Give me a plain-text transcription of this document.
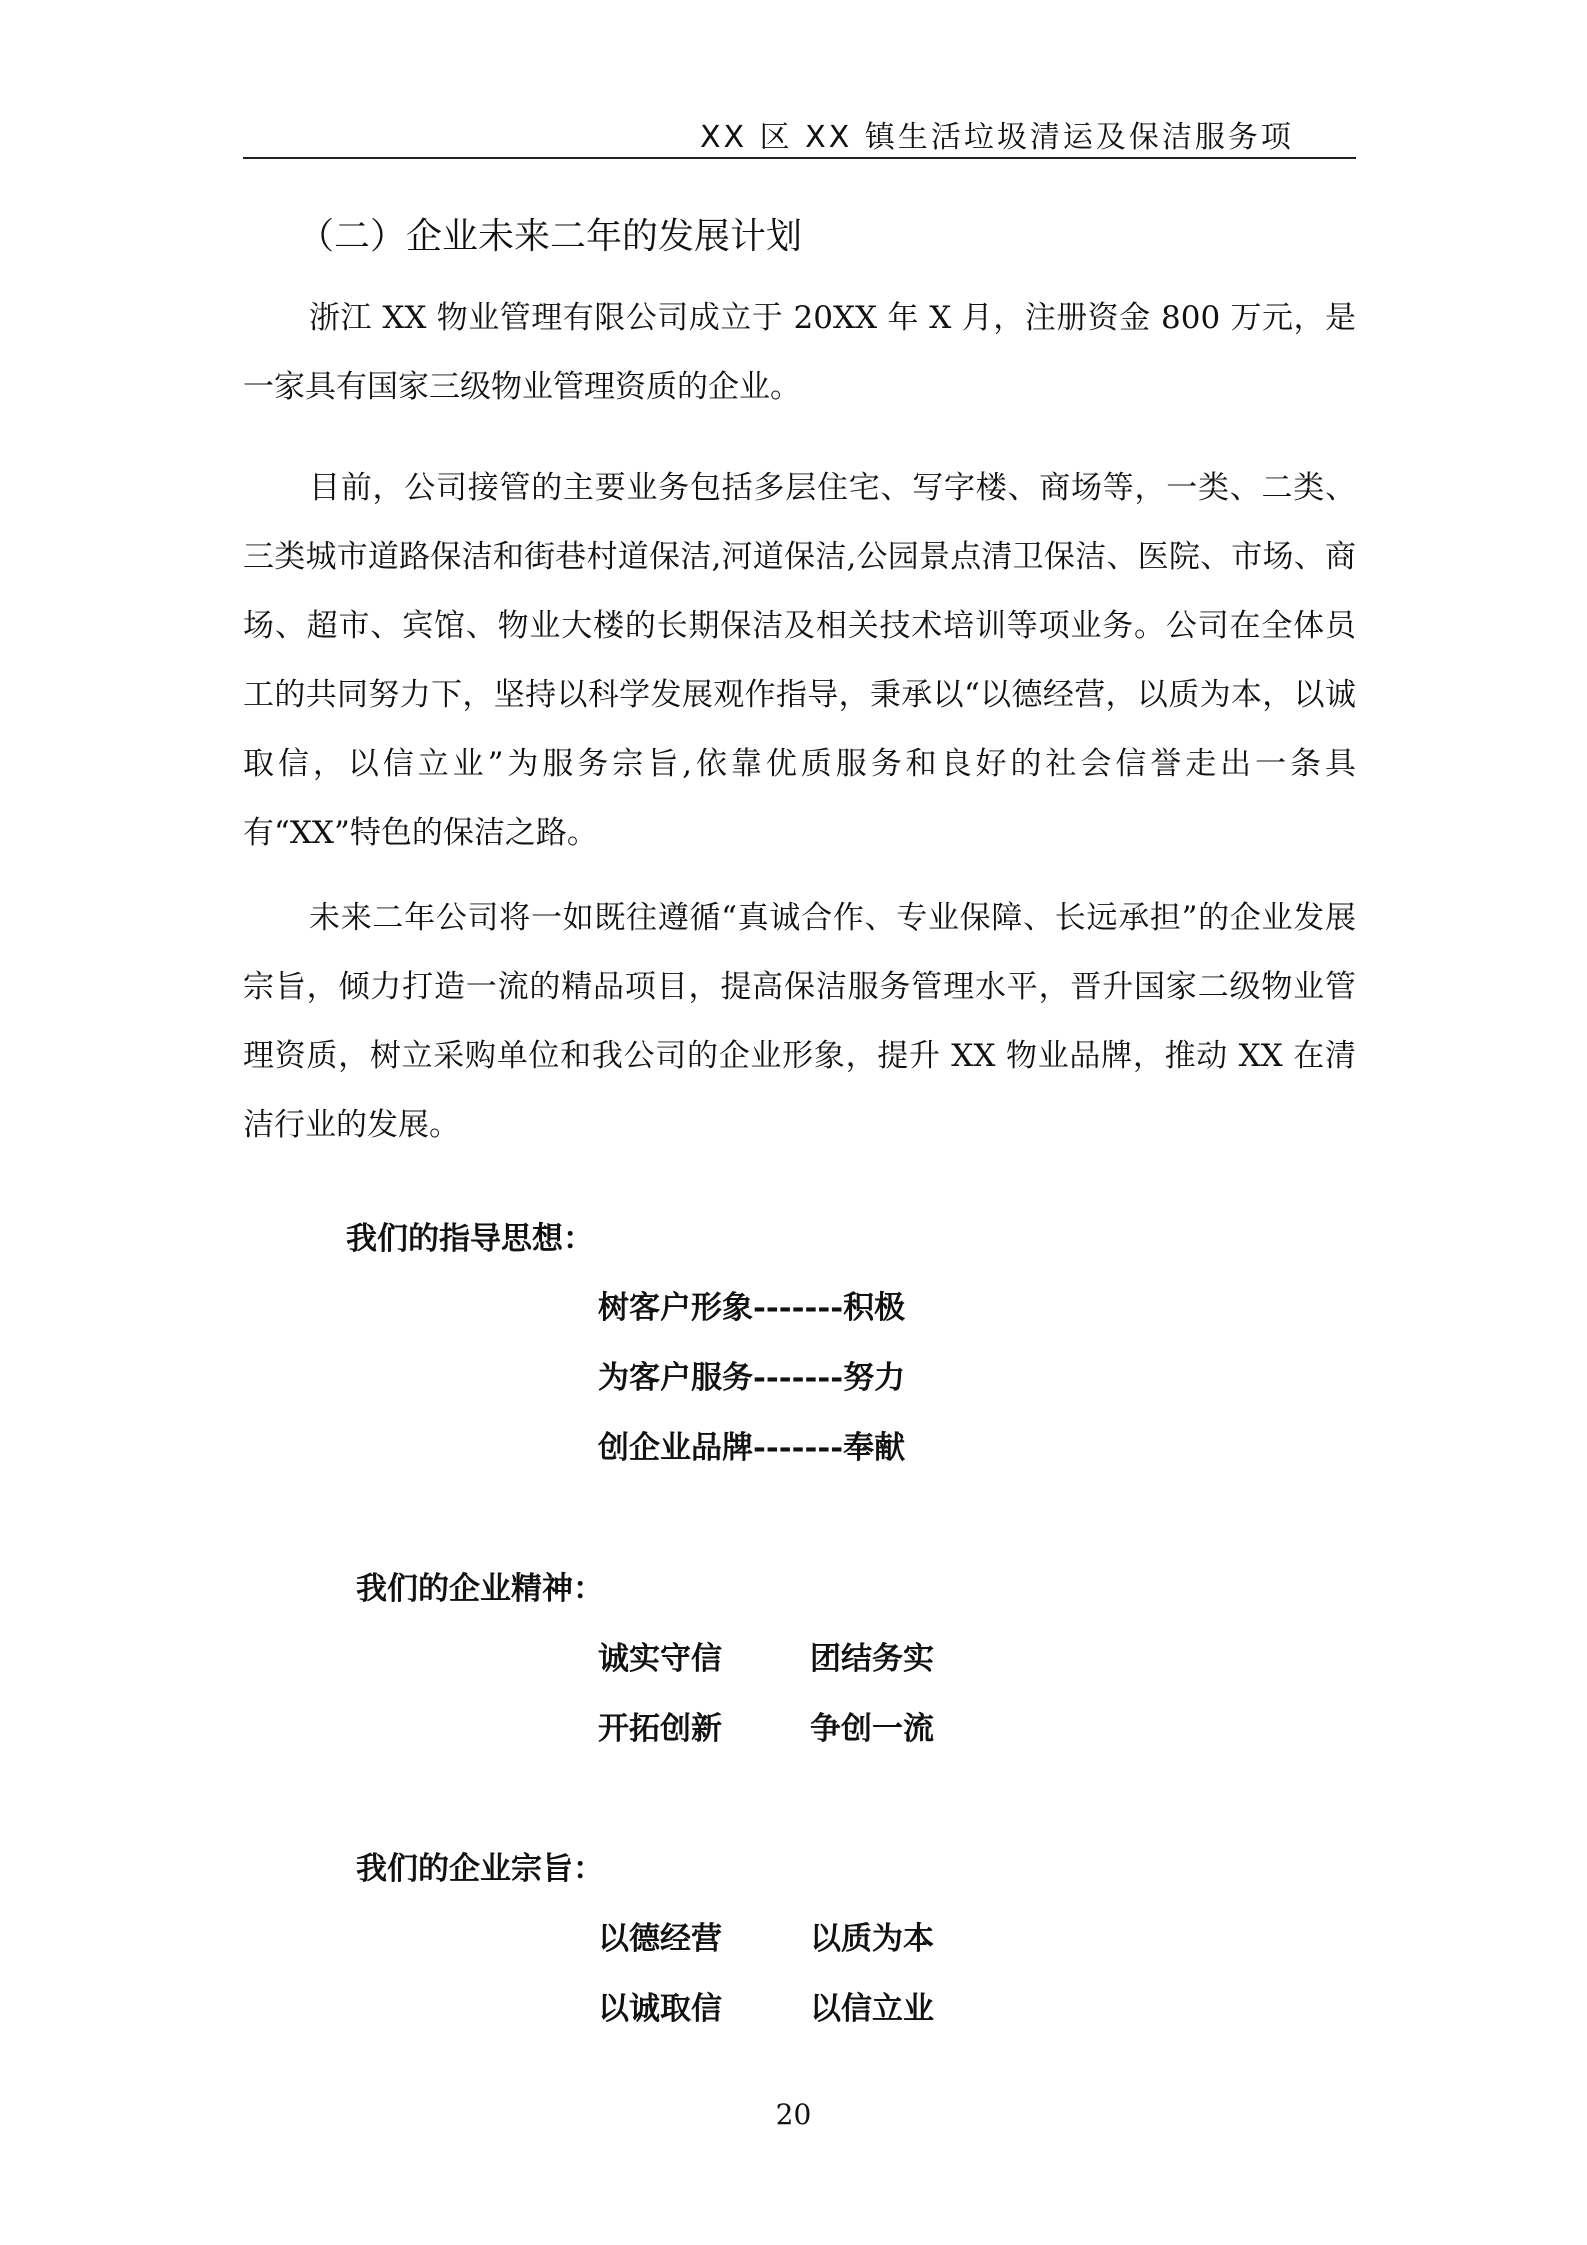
XX 区 XX 镇生活垃圾清运及保洁服务项
（二）企业未来二年的发展计划

浙江 XX 物业管理有限公司成立于 20XX 年 X 月，注册资金 800 万元，是一家具有国家三级物业管理资质的企业。

目前，公司接管的主要业务包括多层住宅、写字楼、商场等，一类、二类、三类城市道路保洁和街巷村道保洁,河道保洁,公园景点清卫保洁、医院、市场、商场、超市、宾馆、物业大楼的长期保洁及相关技术培训等项业务。公司在全体员工的共同努力下，坚持以科学发展观作指导，秉承以“以德经营，以质为本，以诚取信，以信立业”为服务宗旨,依靠优质服务和良好的社会信誉走出一条具有“XX”特色的保洁之路。

未来二年公司将一如既往遵循“真诚合作、专业保障、长远承担”的企业发展宗旨，倾力打造一流的精品项目，提高保洁服务管理水平，晋升国家二级物业管理资质，树立采购单位和我公司的企业形象，提升 XX 物业品牌，推动 XX 在清洁行业的发展。

我们的指导思想：
树客户形象-------积极
为客户服务-------努力
创企业品牌-------奉献
我们的企业精神：
诚实守信	团结务实
开拓创新	争创一流
我们的企业宗旨：
以德经营	以质为本
以诚取信	以信立业
20
